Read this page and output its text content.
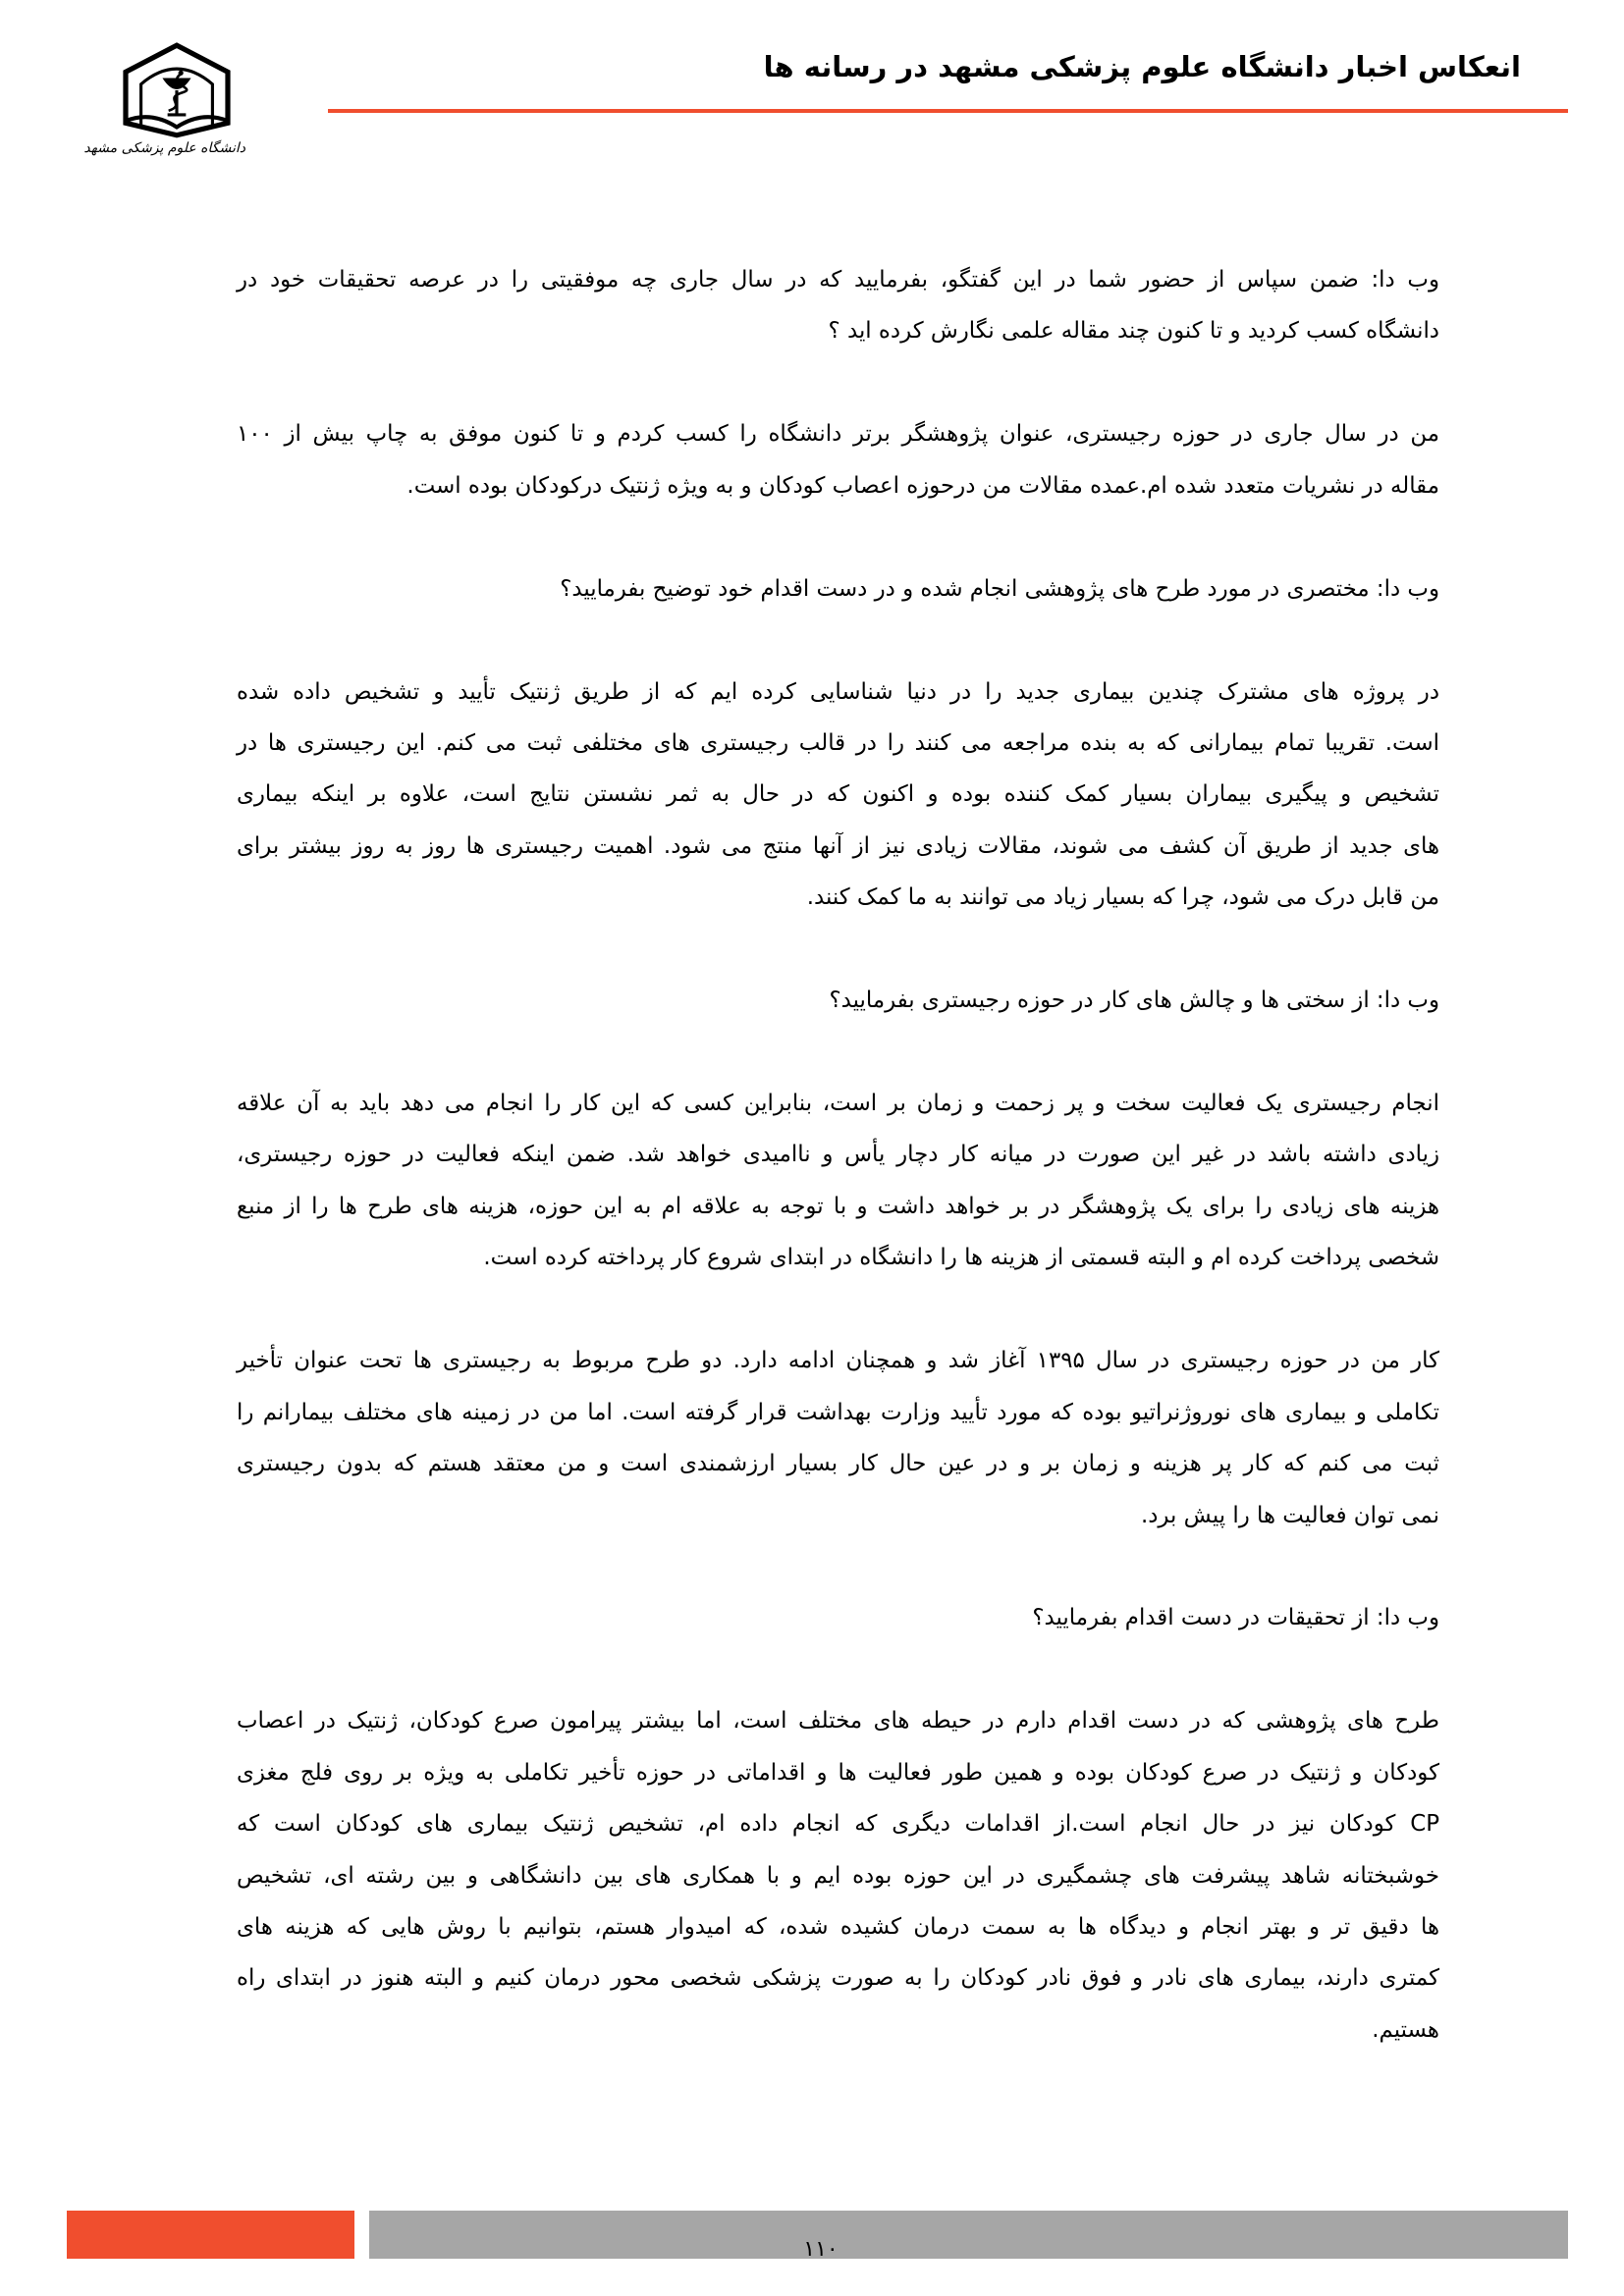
دانشگاه علوم پزشکی مشهد
انعکاس اخبار دانشگاه علوم پزشکی مشهد در رسانه ها
وب دا: ضمن سپاس از حضور شما در این گفتگو، بفرمایید که در سال جاری چه موفقیتی را در عرصه تحقیقات خود در
دانشگاه کسب کردید و تا کنون چند مقاله علمی نگارش کرده اید ؟
من در سال جاری در حوزه رجیستری، عنوان پژوهشگر برتر دانشگاه را کسب کردم و تا کنون موفق به چاپ بیش از ۱۰۰
مقاله در نشریات متعدد شده ام.عمده مقالات من درحوزه اعصاب کودکان و به ویژه ژنتیک درکودکان بوده است.
وب دا: مختصری در مورد طرح های پژوهشی انجام شده و در دست اقدام خود توضیح بفرمایید؟
در پروژه های مشترک چندین بیماری جدید را در دنیا شناسایی کرده ایم که از طریق ژنتیک تأیید و تشخیص داده شده
است. تقریبا تمام بیمارانی که به بنده مراجعه می کنند را در قالب رجیستری های مختلفی ثبت می کنم. این رجیستری ها در
تشخیص و پیگیری بیماران بسیار کمک کننده بوده و اکنون که در حال به ثمر نشستن نتایج است، علاوه بر اینکه بیماری
های جدید از طریق آن کشف می شوند، مقالات زیادی نیز از آنها منتج می شود. اهمیت رجیستری ها روز به روز بیشتر برای
من قابل درک می شود، چرا که بسیار زیاد می توانند به ما کمک کنند.
وب دا: از سختی ها و چالش های کار در حوزه رجیستری بفرمایید؟
انجام رجیستری یک فعالیت سخت و پر زحمت و زمان بر است، بنابراین کسی که این کار را انجام می دهد باید به آن علاقه
زیادی داشته باشد در غیر این صورت در میانه کار دچار یأس و ناامیدی خواهد شد. ضمن اینکه فعالیت در حوزه رجیستری،
هزینه های زیادی را برای یک پژوهشگر در بر خواهد داشت و با توجه به علاقه ام به این حوزه، هزینه های طرح ها را از منبع
شخصی پرداخت کرده ام و البته قسمتی از هزینه ها را دانشگاه در ابتدای شروع کار پرداخته کرده است.
کار من در حوزه رجیستری در سال ۱۳۹۵ آغاز شد و همچنان ادامه دارد. دو طرح مربوط به رجیستری ها تحت عنوان تأخیر
تکاملی و بیماری های نوروژنراتیو بوده که مورد تأیید وزارت بهداشت قرار گرفته است. اما من در زمینه های مختلف بیمارانم را
ثبت می کنم که کار پر هزینه و زمان بر و در عین حال کار بسیار ارزشمندی است و من معتقد هستم که بدون رجیستری
نمی توان فعالیت ها را پیش برد.
وب دا: از تحقیقات در دست اقدام بفرمایید؟
طرح های پژوهشی که در دست اقدام دارم در حیطه های مختلف است، اما بیشتر پیرامون صرع کودکان، ژنتیک در اعصاب
کودکان و ژنتیک در صرع کودکان بوده و همین طور فعالیت ها و اقداماتی در حوزه تأخیر تکاملی به ویژه بر روی فلج مغزی
CP کودکان نیز در حال انجام است.از اقدامات دیگری که انجام داده ام، تشخیص ژنتیک بیماری های کودکان است که
خوشبختانه شاهد پیشرفت های چشمگیری در این حوزه بوده ایم و با همکاری های بین دانشگاهی و بین رشته ای، تشخیص
ها دقیق تر و بهتر انجام و دیدگاه ها به سمت درمان کشیده شده، که امیدوار هستم، بتوانیم با روش هایی که هزینه های
کمتری دارند، بیماری های نادر و فوق نادر کودکان را به صورت پزشکی شخصی محور درمان کنیم و البته هنوز در ابتدای راه
هستیم.
۱۱۰
